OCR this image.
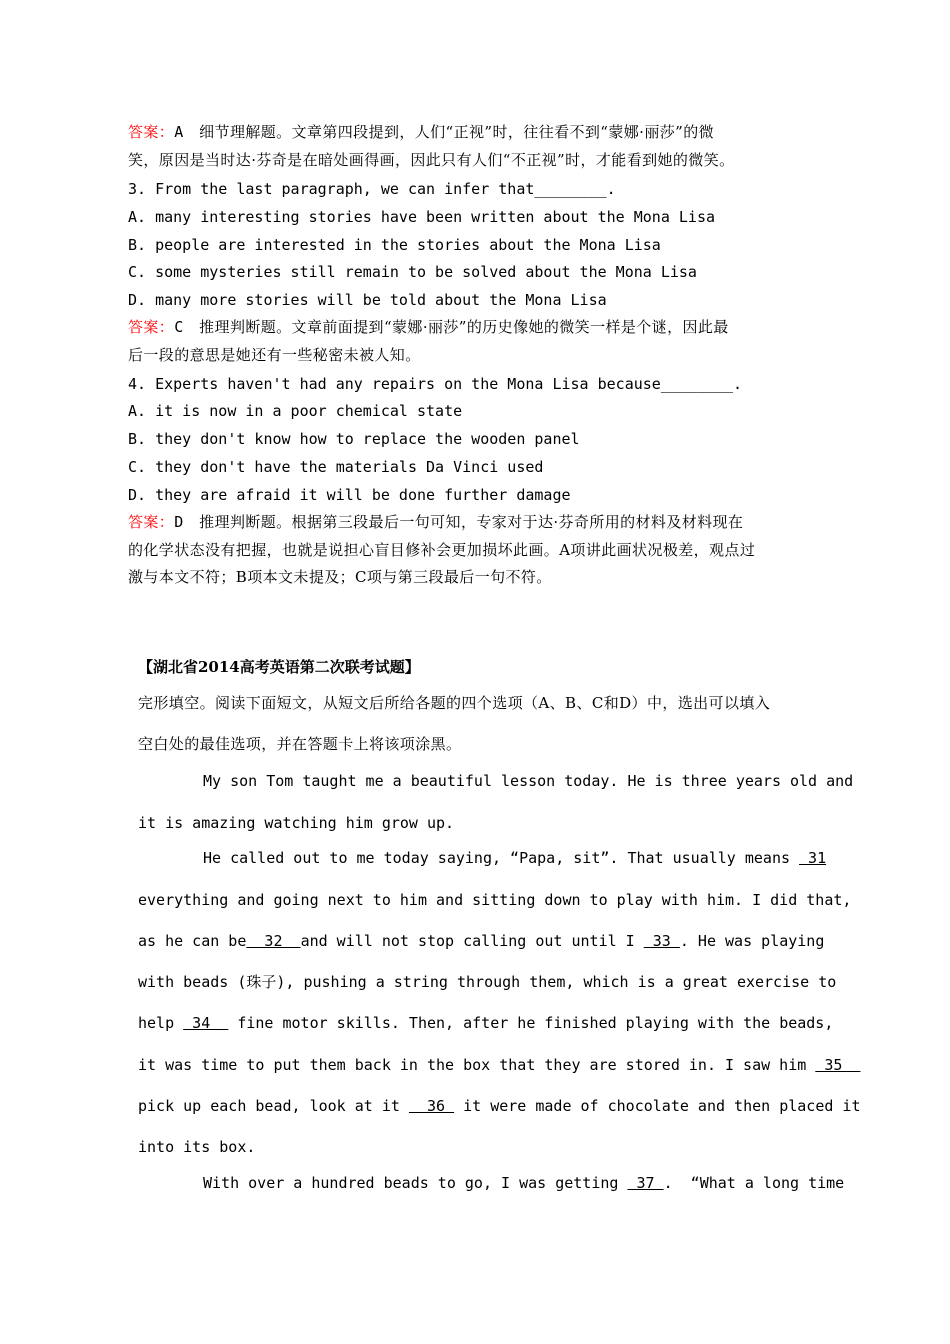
答案：A 细节理解题。文章第四段提到，人们“正视”时，往往看不到“蒙娜·丽莎”的微
笑，原因是当时达·芬奇是在暗处画得画，因此只有人们“不正视”时，才能看到她的微笑。
3. From the last paragraph, we can infer that________.
A. many interesting stories have been written about the Mona Lisa
B. people are interested in the stories about the Mona Lisa
C. some mysteries still remain to be solved about the Mona Lisa
D. many more stories will be told about the Mona Lisa
答案：C 推理判断题。文章前面提到“蒙娜·丽莎”的历史像她的微笑一样是个谜，因此最
后一段的意思是她还有一些秘密未被人知。
4. Experts haven't had any repairs on the Mona Lisa because________.
A. it is now in a poor chemical state
B. they don't know how to replace the wooden panel
C. they don't have the materials Da Vinci used
D. they are afraid it will be done further damage
答案：D 推理判断题。根据第三段最后一句可知，专家对于达·芬奇所用的材料及材料现在
的化学状态没有把握，也就是说担心盲目修补会更加损坏此画。A项讲此画状况极差，观点过
激与本文不符；B项本文未提及；C项与第三段最后一句不符。
【湖北省2014高考英语第二次联考试题】
完形填空。阅读下面短文，从短文后所给各题的四个选项（A、B、C和D）中，选出可以填入
空白处的最佳选项，并在答题卡上将该项涂黑。
My son Tom taught me a beautiful lesson today. He is three years old and
it is amazing watching him grow up.
He called out to me today saying, “Papa, sit”. That usually means  31
everything and going next to him and sitting down to play with him. I did that,
as he can be  32  and will not stop calling out until I  33 . He was playing
with beads (珠子), pushing a string through them, which is a great exercise to
help  34   fine motor skills. Then, after he finished playing with the beads,
it was time to put them back in the box that they are stored in. I saw him  35
pick up each bead, look at it   36  it were made of chocolate and then placed it
into its box.
With over a hundred beads to go, I was getting  37 .  “What a long time
